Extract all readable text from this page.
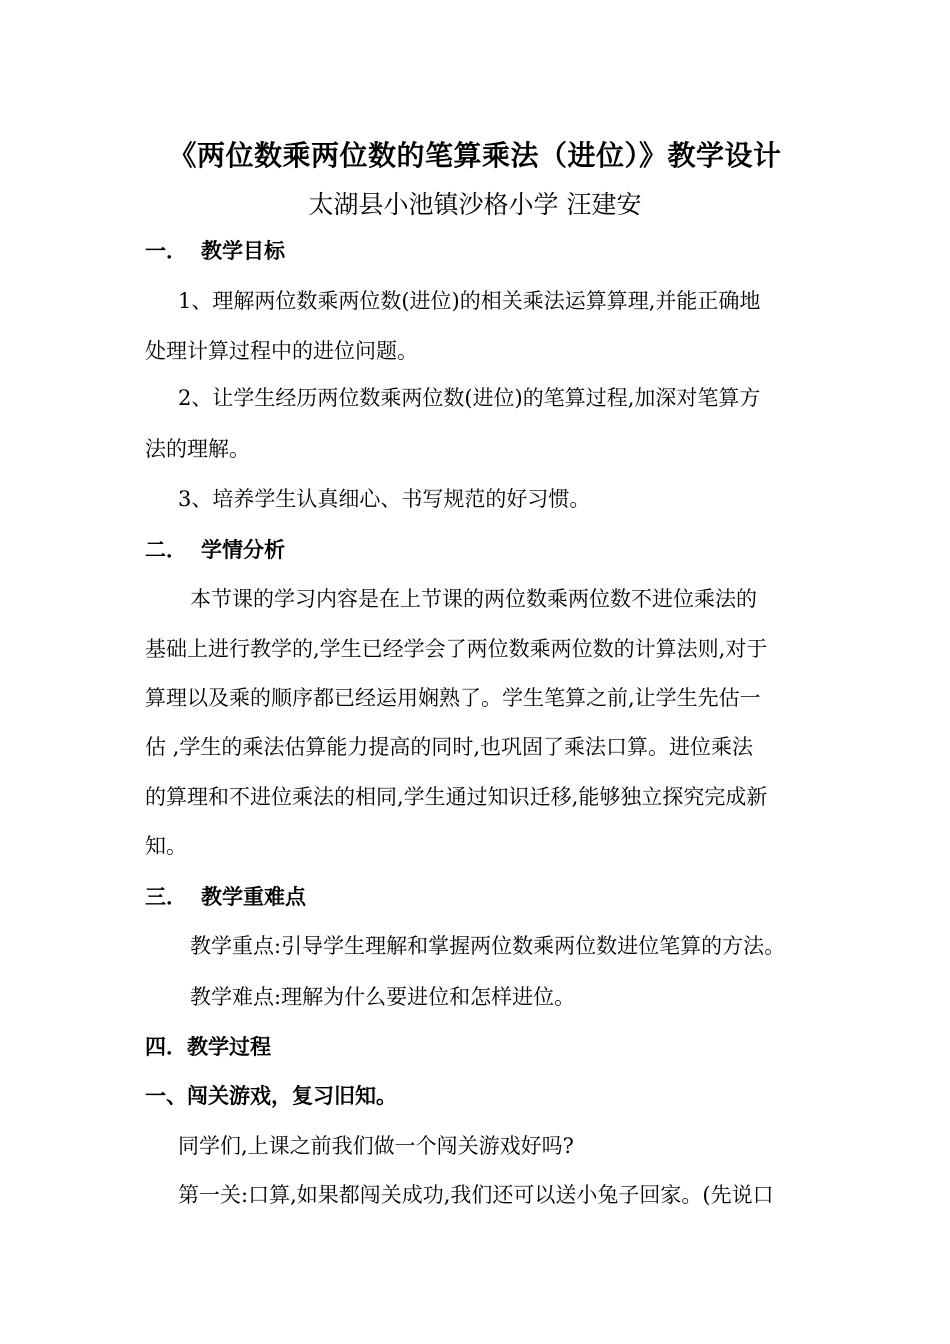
《两位数乘两位数的笔算乘法（进位）》教学设计
太湖县小池镇沙格小学 汪建安
一． 教学目标
1、理解两位数乘两位数(进位)的相关乘法运算算理,并能正确地
处理计算过程中的进位问题。
2、让学生经历两位数乘两位数(进位)的笔算过程,加深对笔算方
法的理解。
3、培养学生认真细心、书写规范的好习惯。
二． 学情分析
本节课的学习内容是在上节课的两位数乘两位数不进位乘法的
基础上进行教学的,学生已经学会了两位数乘两位数的计算法则,对于
算理以及乘的顺序都已经运用娴熟了。学生笔算之前,让学生先估一
估 ,学生的乘法估算能力提高的同时,也巩固了乘法口算。进位乘法
的算理和不进位乘法的相同,学生通过知识迁移,能够独立探究完成新
知。
三． 教学重难点
教学重点:引导学生理解和掌握两位数乘两位数进位笔算的方法。
教学难点:理解为什么要进位和怎样进位。
四．教学过程
一、闯关游戏，复习旧知。
同学们,上课之前我们做一个闯关游戏好吗?
第一关:口算,如果都闯关成功,我们还可以送小兔子回家。(先说口
